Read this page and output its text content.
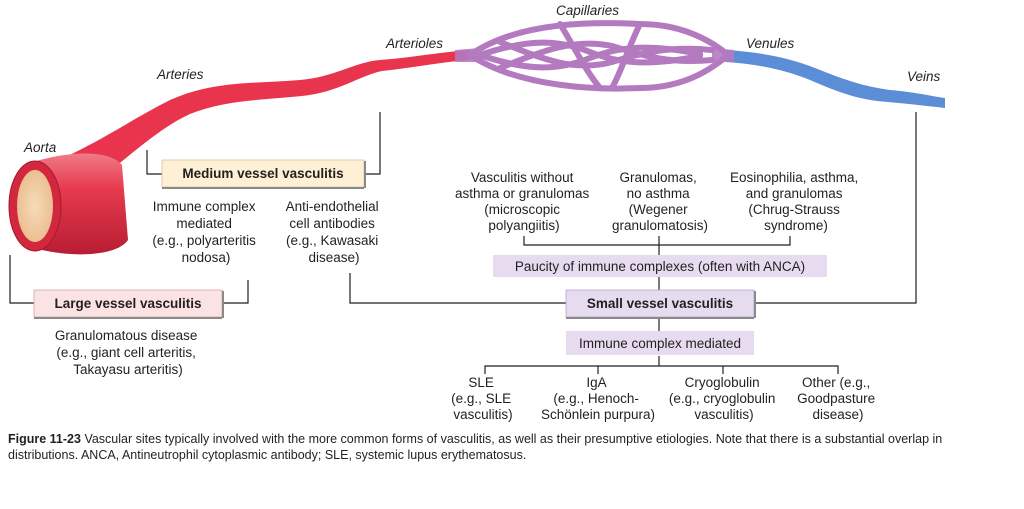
Aorta
Arteries
Arterioles
Capillaries
Venules
Veins
Large vessel vasculitis
Medium vessel vasculitis
Small vessel vasculitis
Paucity of immune complexes (often with ANCA)
Immune complex mediated
Granulomatous disease (e.g., giant cell arteritis, Takayasu arteritis)
Immune complex mediated (e.g., polyarteritis nodosa)
Anti-endothelial cell antibodies (e.g., Kawasaki disease)
Vasculitis without asthma or granulomas (microscopic polyangiitis)
Granulomas, no asthma (Wegener granulomatosis)
Eosinophilia, asthma, and granulomas (Chrug-Strauss syndrome)
SLE (e.g., SLE vasculitis)
IgA (e.g., Henoch- Schönlein purpura)
Cryoglobulin (e.g., cryoglobulin vasculitis)
Other (e.g., Goodpasture disease)
Figure 11-23 Vascular sites typically involved with the more common forms of vasculitis, as well as their presumptive etiologies. Note that there is a substantial overlap in distributions. ANCA, Antineutrophil cytoplasmic antibody; SLE, systemic lupus erythematosus.
